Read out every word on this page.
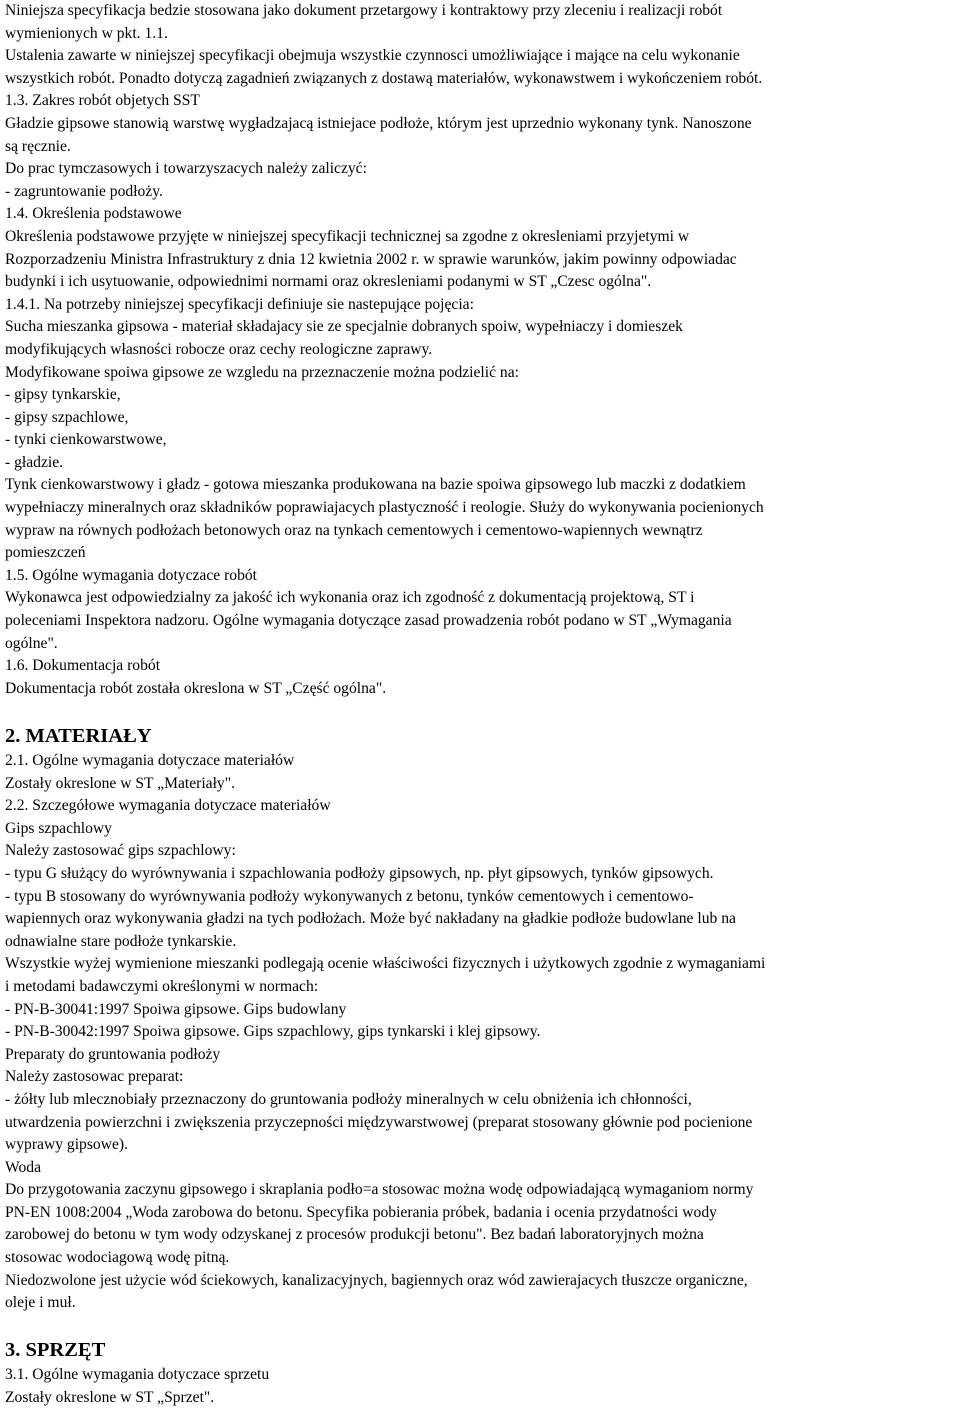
Niniejsza specyfikacja bedzie stosowana jako dokument przetargowy i kontraktowy przy zleceniu i realizacji robót
wymienionych w pkt. 1.1.
Ustalenia zawarte w niniejszej specyfikacji obejmuja wszystkie czynnosci umożliwiające i mające na celu wykonanie
wszystkich robót. Ponadto dotyczą zagadnień związanych z dostawą materiałów, wykonawstwem i wykończeniem robót.
1.3. Zakres robót objetych SST
Gładzie gipsowe stanowią warstwę wygładzajacą istniejace podłoże, którym jest uprzednio wykonany tynk. Nanoszone
są ręcznie.
Do prac tymczasowych i towarzyszacych należy zaliczyć:
- zagruntowanie podłoży.
1.4. Określenia podstawowe
Określenia podstawowe przyjęte w niniejszej specyfikacji technicznej sa zgodne z okresleniami przyjetymi w
Rozporzadzeniu Ministra Infrastruktury z dnia 12 kwietnia 2002 r. w sprawie warunków, jakim powinny odpowiadac
budynki i ich usytuowanie, odpowiednimi normami oraz okresleniami podanymi w ST „Czesc ogólna".
1.4.1. Na potrzeby niniejszej specyfikacji definiuje sie nastepujące pojęcia:
Sucha mieszanka gipsowa - materiał składajacy sie ze specjalnie dobranych spoiw, wypełniaczy i domieszek
modyfikujących własności robocze oraz cechy reologiczne zaprawy.
Modyfikowane spoiwa gipsowe ze wzgledu na przeznaczenie można podzielić na:
- gipsy tynkarskie,
- gipsy szpachlowe,
- tynki cienkowarstwowe,
- gładzie.
Tynk cienkowarstwowy i gładz - gotowa mieszanka produkowana na bazie spoiwa gipsowego lub maczki z dodatkiem
wypełniaczy mineralnych oraz składników poprawiajacych plastyczność i reologie. Służy do wykonywania pocienionych
wypraw na równych podłożach betonowych oraz na tynkach cementowych i cementowo-wapiennych wewnątrz
pomieszczeń
1.5. Ogólne wymagania dotyczace robót
Wykonawca jest odpowiedzialny za jakość ich wykonania oraz ich zgodność z dokumentacją projektową, ST i
poleceniami Inspektora nadzoru. Ogólne wymagania dotyczące zasad prowadzenia robót podano w ST „Wymagania
ogólne".
1.6. Dokumentacja robót
Dokumentacja robót została okreslona w ST „Część ogólna".
2. MATERIAŁY
2.1. Ogólne wymagania dotyczace materiałów
Zostały okreslone w ST „Materiały".
2.2. Szczegółowe wymagania dotyczace materiałów
Gips szpachlowy
Należy zastosować gips szpachlowy:
- typu G służący do wyrównywania i szpachlowania podłoży gipsowych, np. płyt gipsowych, tynków gipsowych.
- typu B stosowany do wyrównywania podłoży wykonywanych z betonu, tynków cementowych i cementowo-
wapiennych oraz wykonywania gładzi na tych podłożach. Może być nakładany na gładkie podłoże budowlane lub na
odnawialne stare podłoże tynkarskie.
Wszystkie wyżej wymienione mieszanki podlegają ocenie właściwości fizycznych i użytkowych zgodnie z wymaganiami
i metodami badawczymi określonymi w normach:
- PN-B-30041:1997 Spoiwa gipsowe. Gips budowlany
- PN-B-30042:1997 Spoiwa gipsowe. Gips szpachlowy, gips tynkarski i klej gipsowy.
Preparaty do gruntowania podłoży
Należy zastosowac preparat:
- żółty lub mlecznobiały przeznaczony do gruntowania podłoży mineralnych w celu obniżenia ich chłonności,
utwardzenia powierzchni i zwiększenia przyczepności międzywarstwowej (preparat stosowany głównie pod pocienione
wyprawy gipsowe).
Woda
Do przygotowania zaczynu gipsowego i skraplania podło=a stosowac można wodę odpowiadającą wymaganiom normy
PN-EN 1008:2004 „Woda zarobowa do betonu. Specyfika pobierania próbek, badania i ocenia przydatności wody
zarobowej do betonu w tym wody odzyskanej z procesów produkcji betonu". Bez badań laboratoryjnych można
stosowac wodociagową wodę pitną.
Niedozwolone jest użycie wód ściekowych, kanalizacyjnych, bagiennych oraz wód zawierajacych tłuszcze organiczne,
oleje i muł.
3. SPRZĘT
3.1. Ogólne wymagania dotyczace sprzetu
Zostały okreslone w ST „Sprzet".
